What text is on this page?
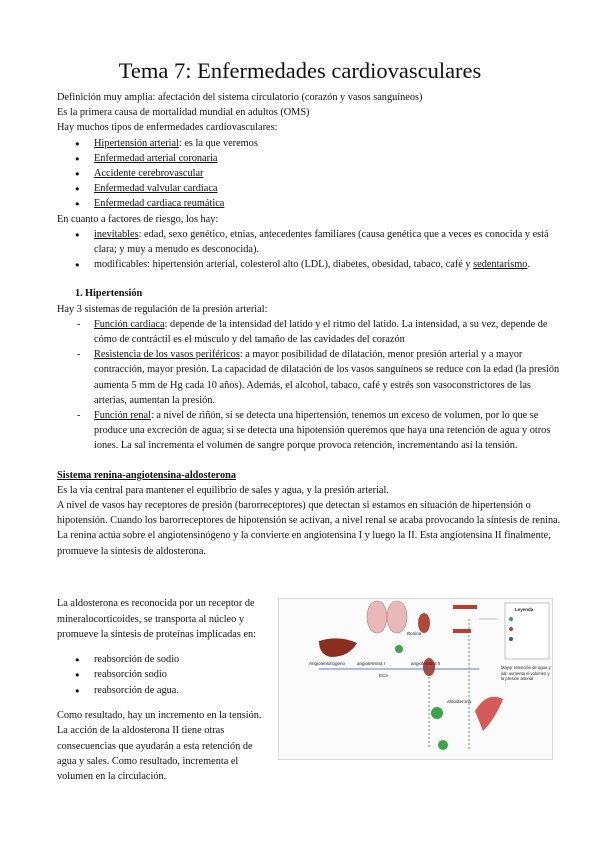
Tema 7: Enfermedades cardiovasculares

Definición muy amplia: afectación del sistema circulatorio (corazón y vasos sanguíneos)

Es la primera causa de mortalidad mundial en adultos (OMS)

Hay muchos tipos de enfermedades cardiovasculares:

● Hipertensión arterial: es la que veremos
● Enfermedad arterial coronaria
● Accidente cerebrovascular
● Enfermedad valvular cardiaca
● Enfermedad cardiaca reumática

En cuanto a factores de riesgo, los hay:

● inevitables: edad, sexo genético, etnias, antecedentes familiares (causa genética que a veces es conocida y está clara; y muy a menudo es desconocida).
● modificables: hipertensión arterial, colesterol alto (LDL), diabetes, obesidad, tabaco, café y sedentarismo.
1. Hipertensión

Hay 3 sistemas de regulación de la presión arterial:

- Función cardiaca: depende de la intensidad del latido y el ritmo del latido. La intensidad, a su vez, depende de cómo de contráctil es el músculo y del tamaño de las cavidades del corazón
- Resistencia de los vasos periféricos: a mayor posibilidad de dilatación, menor presión arterial y a mayor contracción, mayor presión. La capacidad de dilatación de los vasos sanguíneos se reduce con la edad (la presión aumenta 5 mm de Hg cada 10 años). Además, el alcohol, tabaco, café y estrés son vasoconstrictores de las arterias, aumentan la presión.
- Función renal: a nivel de riñón, si se detecta una hipertensión, tenemos un exceso de volumen, por lo que se produce una excreción de agua; si se detecta una hipotensión queremos que haya una retención de agua y otros iones. La sal incrementa el volumen de sangre porque provoca retención, incrementando así la tensión.
Sistema renina-angiotensina-aldosterona

Es la vía central para mantener el equilibrio de sales y agua, y la presión arterial.

A nivel de vasos hay receptores de presión (barorreceptores) que detectan si estamos en situación de hipertensión o hipotensión. Cuando los barorreceptores de hipotensión se activan, a nivel renal se acaba provocando la síntesis de renina.

La renina actúa sobre el angiotensinógeno y la convierte en angiotensina I y luego la II. Esta angiotensina II finalmente, promueve la síntesis de aldosterona.

La aldosterona es reconocida por un receptor de mineralocorticoides, se transporta al núcleo y promueve la síntesis de proteínas implicadas en:

● reabsorción de sodio
● reabsorción sodio
● reabsorción de agua.

Como resultado, hay un incremento en la tensión. La acción de la aldosterona II tiene otras consecuencias que ayudarán a esta retención de agua y sales. Como resultado, incrementa el volumen en la circulación.

Angiotensinógeno	angiotensina I	angiotensina II
Renina
ECA
Aldosterona
Leyenda
Mayor retención de agua y sal: aumenta el volumen y la presión arterial
